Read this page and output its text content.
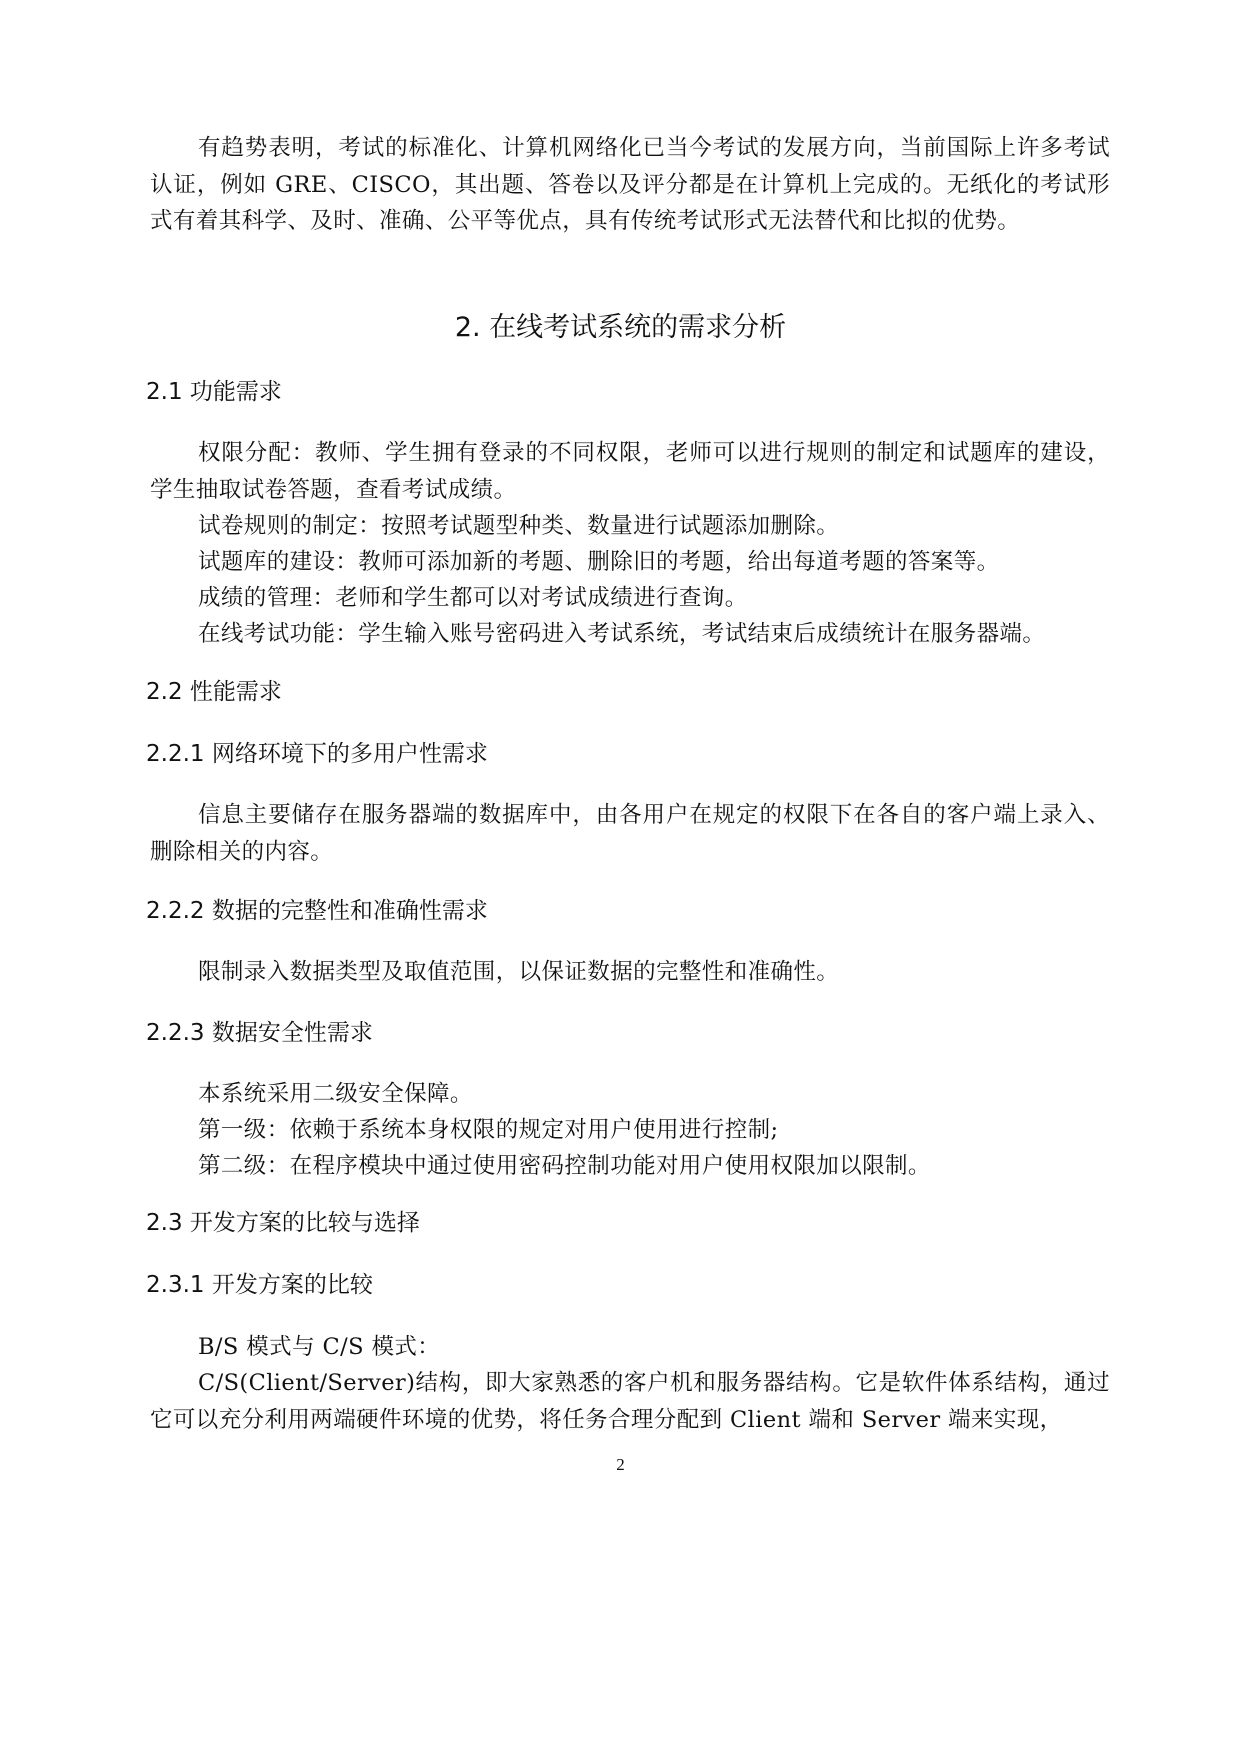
有趋势表明，考试的标准化、计算机网络化已当今考试的发展方向，当前国际上许多考试认证，例如 GRE、CISCO，其出题、答卷以及评分都是在计算机上完成的。无纸化的考试形式有着其科学、及时、准确、公平等优点，具有传统考试形式无法替代和比拟的优势。
2. 在线考试系统的需求分析
2.1 功能需求
权限分配：教师、学生拥有登录的不同权限，老师可以进行规则的制定和试题库的建设，学生抽取试卷答题，查看考试成绩。
试卷规则的制定：按照考试题型种类、数量进行试题添加删除。
试题库的建设：教师可添加新的考题、删除旧的考题，给出每道考题的答案等。
成绩的管理：老师和学生都可以对考试成绩进行查询。
在线考试功能：学生输入账号密码进入考试系统，考试结束后成绩统计在服务器端。
2.2 性能需求
2.2.1 网络环境下的多用户性需求
信息主要储存在服务器端的数据库中，由各用户在规定的权限下在各自的客户端上录入、删除相关的内容。
2.2.2 数据的完整性和准确性需求
限制录入数据类型及取值范围，以保证数据的完整性和准确性。
2.2.3 数据安全性需求
本系统采用二级安全保障。
第一级：依赖于系统本身权限的规定对用户使用进行控制;
第二级：在程序模块中通过使用密码控制功能对用户使用权限加以限制。
2.3 开发方案的比较与选择
2.3.1 开发方案的比较
B/S 模式与 C/S 模式：
C/S(Client/Server)结构，即大家熟悉的客户机和服务器结构。它是软件体系结构，通过它可以充分利用两端硬件环境的优势，将任务合理分配到 Client 端和 Server 端来实现，
2
